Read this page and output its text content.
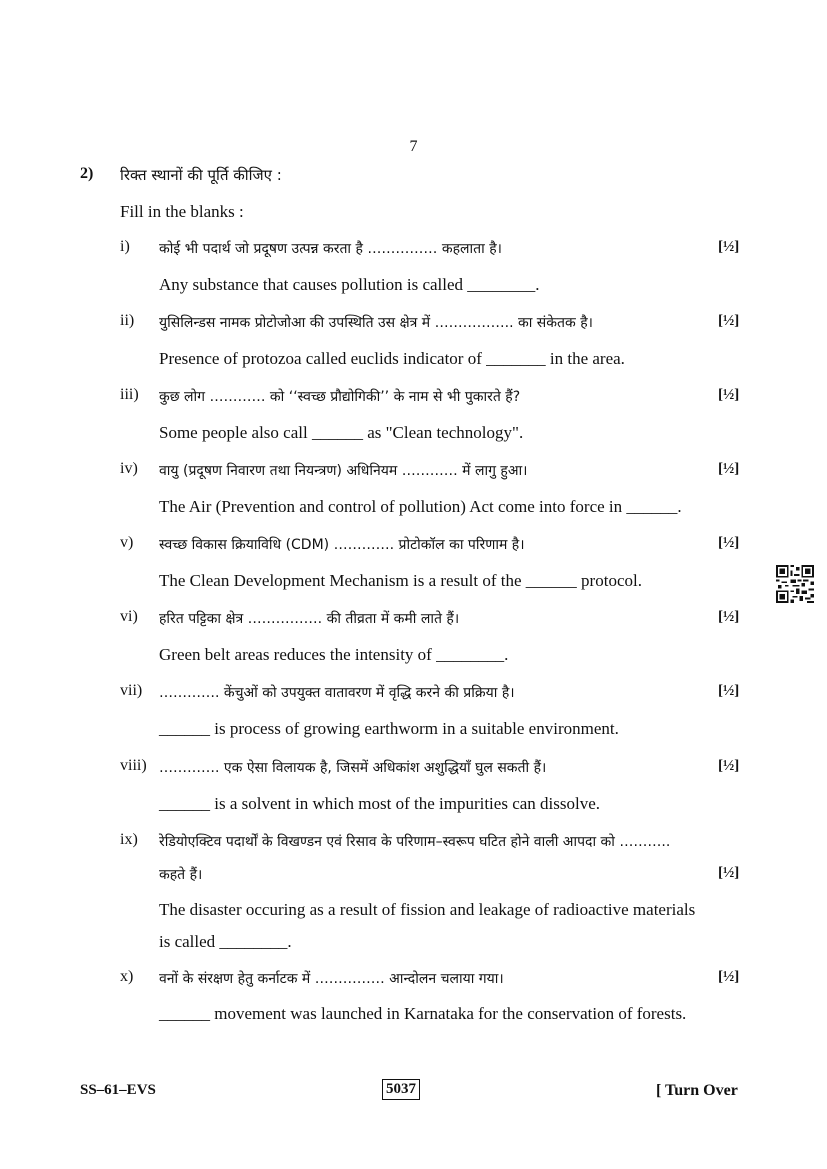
7
2) रिक्त स्थानों की पूर्ति कीजिए :
Fill in the blanks :
i) कोई भी पदार्थ जो प्रदूषण उत्पन्न करता है …………… कहलाता है।	[½]
Any substance that causes pollution is called ________.
ii) युसिलिन्डस नामक प्रोटोजोआ की उपस्थिति उस क्षेत्र में …………….. का संकेतक है।	[½]
Presence of protozoa called euclids indicator of _______ in the area.
iii) कुछ लोग ………… को ‘‘स्वच्छ प्रौद्योगिकी’’ के नाम से भी पुकारते हैं?	[½]
Some people also call ______ as "Clean technology".
iv) वायु (प्रदूषण निवारण तथा नियन्त्रण) अधिनियम ………… में लागु हुआ।	[½]
The Air (Prevention and control of pollution) Act come into force in ______.
v) स्वच्छ विकास क्रियाविधि (CDM) …………. प्रोटोकॉल का परिणाम है।	[½]
The Clean Development Mechanism is a result of the ______ protocol.
vi) हरित पट्टिका क्षेत्र ……………. की तीव्रता में कमी लाते हैं।	[½]
Green belt areas reduces the intensity of ________.
vii) …………. केंचुओं को उपयुक्त वातावरण में वृद्धि करने की प्रक्रिया है।	[½]
______ is process of growing earthworm in a suitable environment.
viii) …………. एक ऐसा विलायक है, जिसमें अधिकांश अशुद्धियाँ घुल सकती हैं।	[½]
______ is a solvent in which most of the impurities can dissolve.
ix) रेडियोएक्टिव पदार्थों के विखण्डन एवं रिसाव के परिणाम–स्वरूप घटित होने वाली आपदा को ………..
कहते हैं।	[½]
The disaster occuring as a result of fission and leakage of radioactive materials
is called ________.
x) वनों के संरक्षण हेतु कर्नाटक में …………… आन्दोलन चलाया गया।	[½]
______ movement was launched in Karnataka for the conservation of forests.
SS–61–EVS	5037	[ Turn Over
